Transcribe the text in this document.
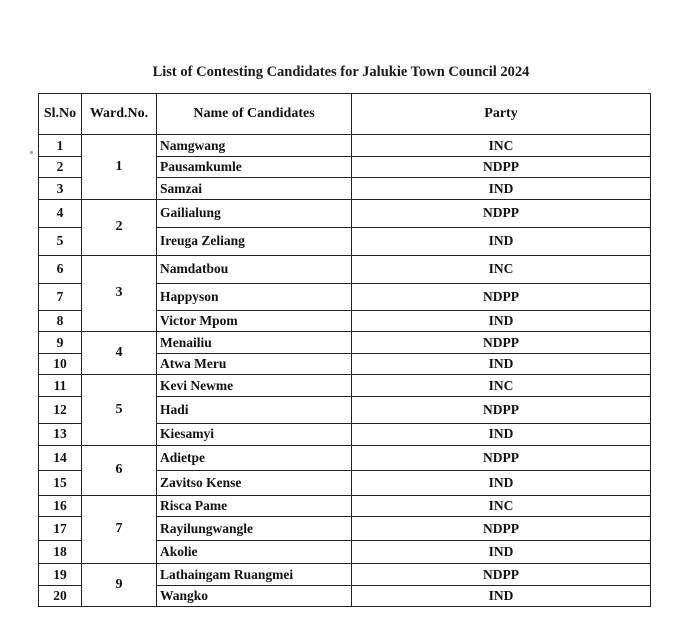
List of Contesting Candidates for Jalukie Town Council 2024
Sl.No	Ward.No.	Name of Candidates	Party
1	1	Namgwang	INC
2		Pausamkumle	NDPP
3		Samzai	IND
4	2	Gailialung	NDPP
5		Ireuga Zeliang	IND
6	3	Namdatbou	INC
7		Happyson	NDPP
8		Victor Mpom	IND
9	4	Menailiu	NDPP
10		Atwa Meru	IND
11	5	Kevi Newme	INC
12		Hadi	NDPP
13		Kiesamyi	IND
14	6	Adietpe	NDPP
15		Zavitso Kense	IND
16	7	Risca Pame	INC
17		Rayilungwangle	NDPP
18		Akolie	IND
19	9	Lathaingam Ruangmei	NDPP
20		Wangko	IND
